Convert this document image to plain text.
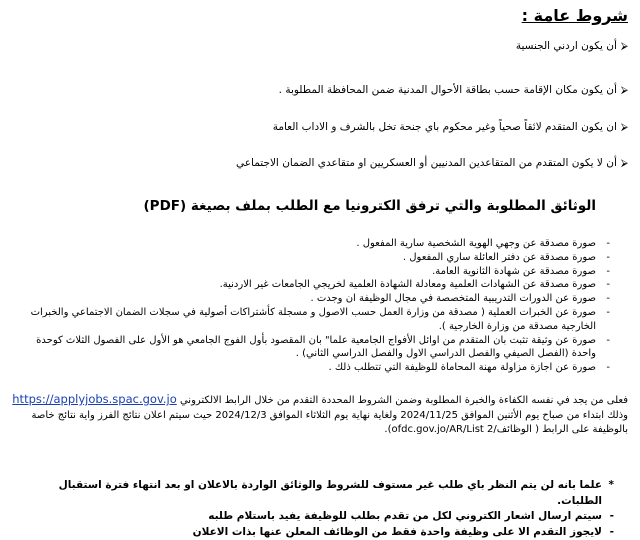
شروط عامة :
⮚
أن يكون اردني الجنسية
⮚
أن يكون مكان الإقامة حسب بطاقة الأحوال المدنية ضمن المحافظة المطلوبة .
⮚
ان يكون المتقدم لائقاً صحياً وغير محكوم باي جنحة تخل بالشرف و الاداب العامة
⮚
أن لا يكون المتقدم من المتقاعدين المدنيين أو العسكريين او متقاعدي الضمان الاجتماعي
الوثائق المطلوبة والتي ترفق الكترونيا مع الطلب بملف بصيغة (PDF)
- صورة مصدقة عن وجهي الهوية الشخصية سارية المفعول .
- صورة مصدقة عن دفتر العائلة ساري المفعول .
- صورة مصدقة عن شهادة الثانوية العامة.
- صورة مصدقة عن الشهادات العلمية ومعادلة الشهادة العلمية لخريجي الجامعات غير الاردنية.
- صورة عن الدورات التدريبية المتخصصة في مجال الوظيفة ان وجدت .
- صورة عن الخبرات العملية ( مصدقة من وزارة العمل حسب الاصول و مسجلة كأشتراكات أصولية في سجلات الضمان الاجتماعي والخبرات الخارجية مصدقة من وزارة الخارجية ).
- صورة عن وثيقة تثبت بان المتقدم من اوائل الأفواج الجامعية علما" بان المقصود بأول الفوج الجامعي هو الأول على الفصول الثلاث كوحدة واحدة (الفصل الصيفي والفصل الدراسي الاول والفصل الدراسي الثاني) .
- صورة عن اجازة مزاولة مهنة المحاماة للوظيفة التي تتطلب ذلك .
فعلى من يجد في نفسه الكفاءة والخبرة المطلوبة وضمن الشروط المحددة التقدم من خلال الرابط الالكتروني https://applyjobs.spac.gov.jo
وذلك ابتداء من صباح يوم الأثنين الموافق 2024/11/25 ولغاية نهاية يوم الثلاثاء الموافق 2024/12/3 حيث سيتم اعلان نتائج الفرز واية نتائج خاصة بالوظيفة على الرابط ( الوظائف/2 ofdc.gov.jo/AR/List).
* علما بانه لن يتم النظر باي طلب غير مستوف للشروط والوثائق الواردة بالاعلان او بعد انتهاء فترة استقبال الطلبات.
- سيتم ارسال اشعار الكتروني لكل من تقدم بطلب للوظيفة يفيد باستلام طلبه
- لايجوز التقدم الا على وظيفة واحدة فقط من الوظائف المعلن عنها بذات الاعلان
